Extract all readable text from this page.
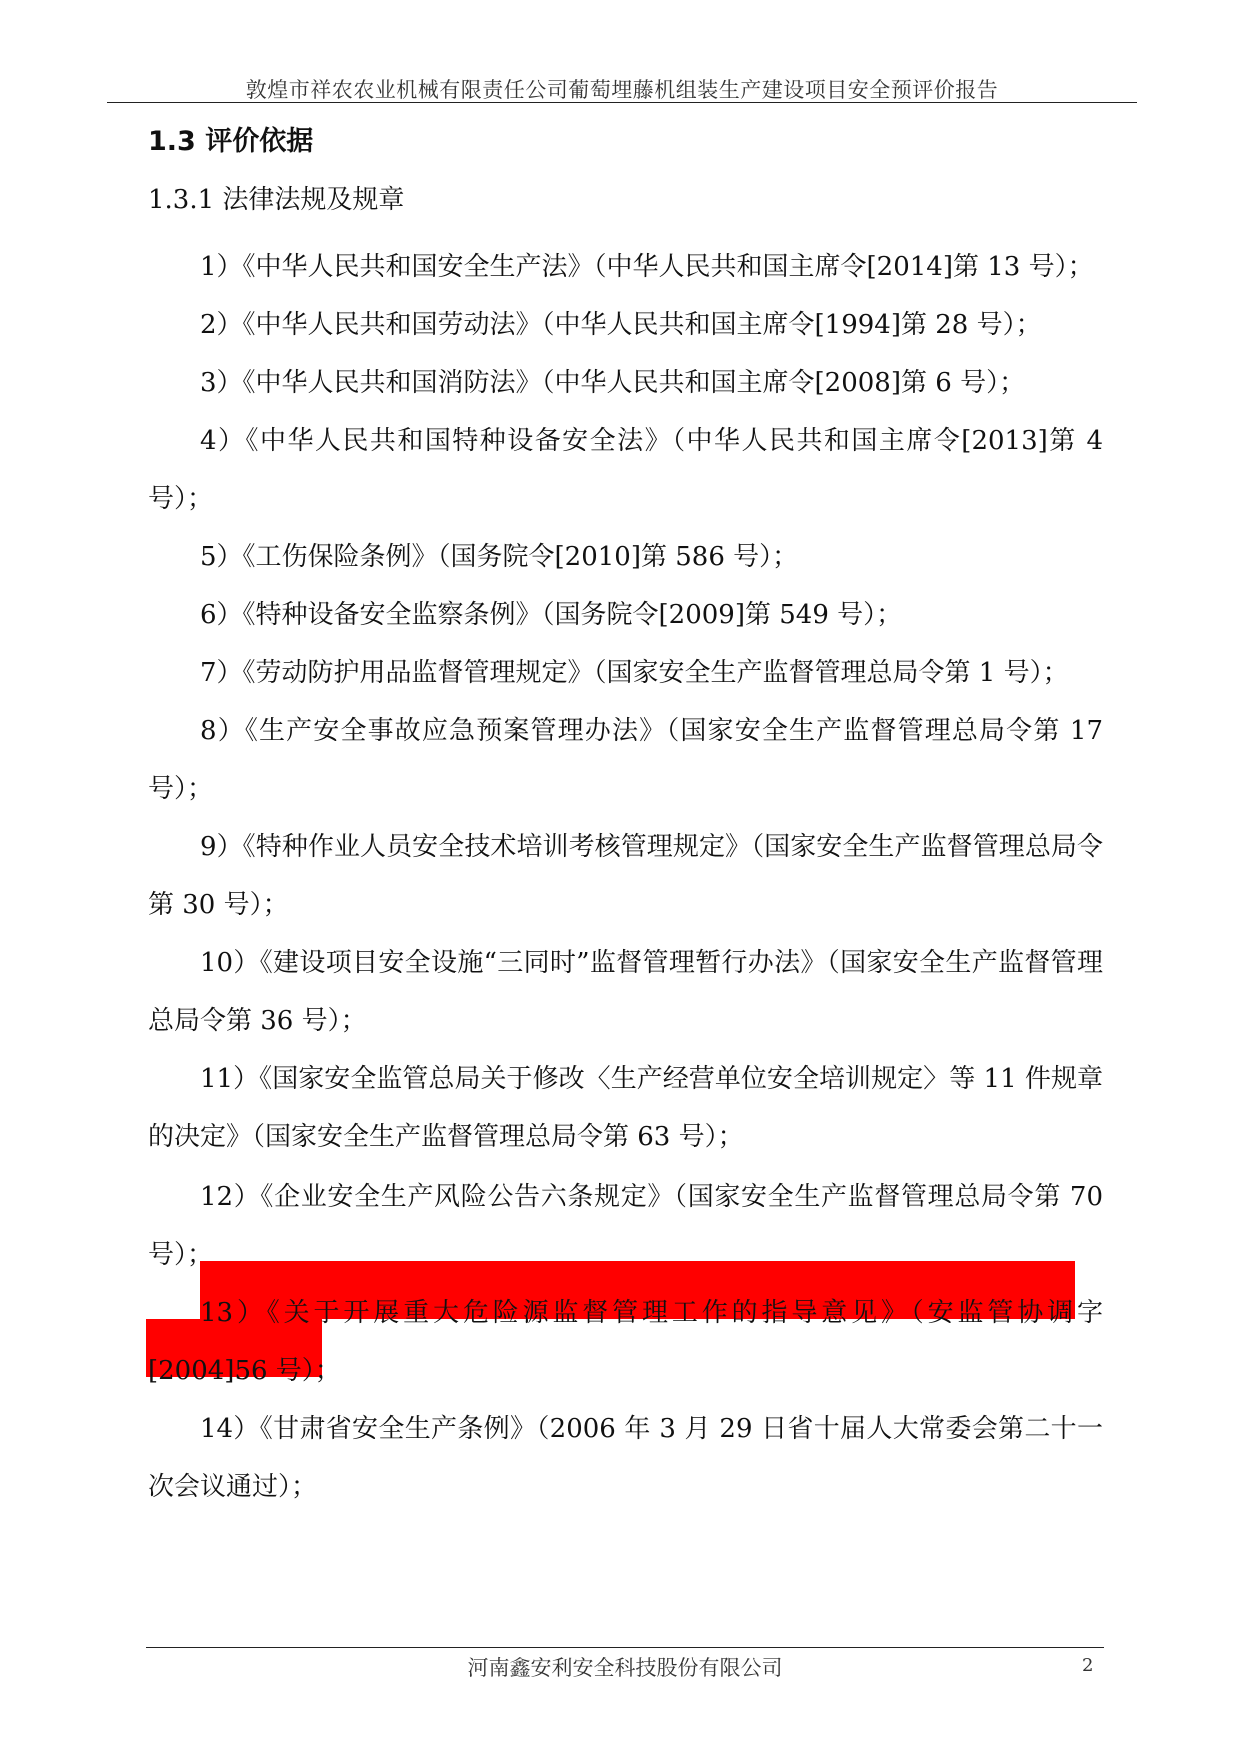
敦煌市祥农农业机械有限责任公司葡萄埋藤机组装生产建设项目安全预评价报告
1.3 评价依据
1.3.1 法律法规及规章

1）《中华人民共和国安全生产法》（中华人民共和国主席令[2014]第 13 号）；

2）《中华人民共和国劳动法》（中华人民共和国主席令[1994]第 28 号）；

3）《中华人民共和国消防法》（中华人民共和国主席令[2008]第 6 号）；

4）《中华人民共和国特种设备安全法》（中华人民共和国主席令[2013]第 4 号）；

5）《工伤保险条例》（国务院令[2010]第 586 号）；

6）《特种设备安全监察条例》（国务院令[2009]第 549 号）；

7）《劳动防护用品监督管理规定》（国家安全生产监督管理总局令第 1 号）；

8）《生产安全事故应急预案管理办法》（国家安全生产监督管理总局令第 17 号）；

9）《特种作业人员安全技术培训考核管理规定》（国家安全生产监督管理总局令第 30 号）；

10）《建设项目安全设施“三同时”监督管理暂行办法》（国家安全生产监督管理总局令第 36 号）；

11）《国家安全监管总局关于修改〈生产经营单位安全培训规定〉等 11 件规章的决定》（国家安全生产监督管理总局令第 63 号）；

12）《企业安全生产风险公告六条规定》（国家安全生产监督管理总局令第 70 号）；

13）《关于开展重大危险源监督管理工作的指导意见》（安监管协调字[2004]56 号）；

14）《甘肃省安全生产条例》（2006 年 3 月 29 日省十届人大常委会第二十一次会议通过）；

河南鑫安利安全科技股份有限公司	2
